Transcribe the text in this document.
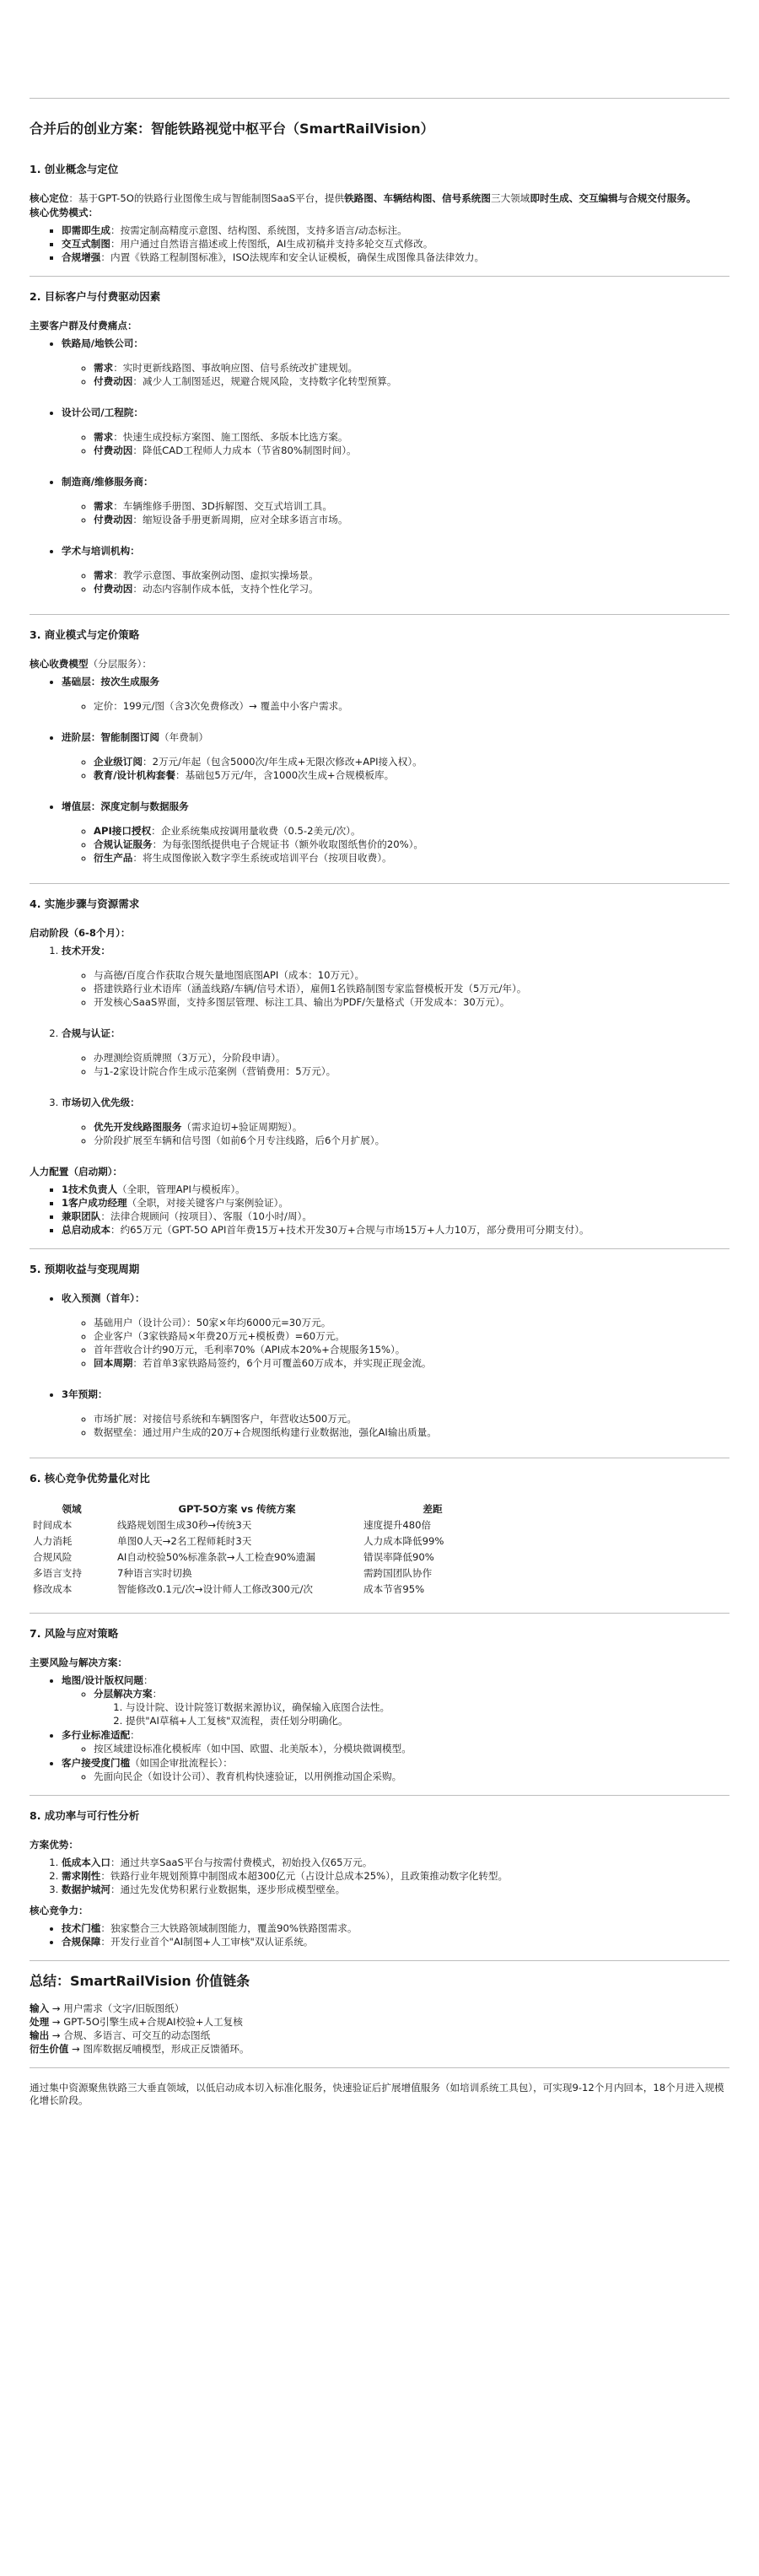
合并后的创业方案：智能铁路视觉中枢平台（SmartRailVision）
1. 创业概念与定位

核心定位：基于GPT-5O的铁路行业图像生成与智能制图SaaS平台，提供铁路图、车辆结构图、信号系统图三大领域即时生成、交互编辑与合规交付服务。

核心优势模式：

▪ 即需即生成：按需定制高精度示意图、结构图、系统图，支持多语言/动态标注。
▪ 交互式制图：用户通过自然语言描述或上传图纸，AI生成初稿并支持多轮交互式修改。
▪ 合规增强：内置《铁路工程制图标准》，ISO法规库和安全认证模板，确保生成图像具备法律效力。
2. 目标客户与付费驱动因素

主要客户群及付费痛点：

• 铁路局/地铁公司：
◦ 需求：实时更新线路图、事故响应图、信号系统改扩建规划。
◦ 付费动因：减少人工制图延迟，规避合规风险，支持数字化转型预算。
• 设计公司/工程院：
◦ 需求：快速生成投标方案图、施工图纸、多版本比选方案。
◦ 付费动因：降低CAD工程师人力成本（节省80%制图时间）。
• 制造商/维修服务商：
◦ 需求：车辆维修手册图、3D拆解图、交互式培训工具。
◦ 付费动因：缩短设备手册更新周期，应对全球多语言市场。
• 学术与培训机构：
◦ 需求：教学示意图、事故案例动图、虚拟实操场景。
◦ 付费动因：动态内容制作成本低，支持个性化学习。
3. 商业模式与定价策略

核心收费模型（分层服务）：

• 基础层：按次生成服务
◦ 定价：199元/图（含3次免费修改）→ 覆盖中小客户需求。
• 进阶层：智能制图订阅（年费制）
◦ 企业级订阅：2万元/年起（包含5000次/年生成+无限次修改+API接入权）。
◦ 教育/设计机构套餐：基础包5万元/年，含1000次生成+合规模板库。
• 增值层：深度定制与数据服务
◦ API接口授权：企业系统集成按调用量收费（0.5-2美元/次）。
◦ 合规认证服务：为每张图纸提供电子合规证书（额外收取图纸售价的20%）。
◦ 衍生产品：将生成图像嵌入数字孪生系统或培训平台（按项目收费）。
4. 实施步骤与资源需求

启动阶段（6-8个月）：

1. 技术开发：
◦ 与高德/百度合作获取合规矢量地图底图API（成本：10万元）。
◦ 搭建铁路行业术语库（涵盖线路/车辆/信号术语），雇佣1名铁路制图专家监督模板开发（5万元/年）。
◦ 开发核心SaaS界面，支持多图层管理、标注工具、输出为PDF/矢量格式（开发成本：30万元）。
2. 合规与认证：
◦ 办理测绘资质牌照（3万元），分阶段申请）。
◦ 与1-2家设计院合作生成示范案例（营销费用：5万元）。
3. 市场切入优先级：
◦ 优先开发线路图服务（需求迫切+验证周期短）。
◦ 分阶段扩展至车辆和信号图（如前6个月专注线路，后6个月扩展）。

人力配置（启动期）：

▪ 1技术负责人（全职，管理API与模板库）。
▪ 1客户成功经理（全职，对接关键客户与案例验证）。
▪ 兼职团队：法律合规顾问（按项目）、客服（10小时/周）。
▪ 总启动成本：约65万元（GPT-5O API首年费15万+技术开发30万+合规与市场15万+人力10万，部分费用可分期支付）。
5. 预期收益与变现周期
• 收入预测（首年）：
◦ 基础用户（设计公司）：50家×年均6000元=30万元。
◦ 企业客户（3家铁路局×年费20万元+模板费）=60万元。
◦ 首年营收合计约90万元，毛利率70%（API成本20%+合规服务15%）。
◦ 回本周期：若首单3家铁路局签约，6个月可覆盖60万成本，并实现正现金流。
• 3年预期：
◦ 市场扩展：对接信号系统和车辆图客户，年营收达500万元。
◦ 数据壁垒：通过用户生成的20万+合规图纸构建行业数据池，强化AI输出质量。
6. 核心竞争优势量化对比
领域	GPT-5O方案 vs 传统方案	差距
时间成本	线路规划图生成30秒→传统3天	速度提升480倍
人力消耗	单图0人天→2名工程师耗时3天	人力成本降低99%
合规风险	AI自动校验50%标准条款→人工检查90%遗漏	错误率降低90%
多语言支持	7种语言实时切换	需跨国团队协作
修改成本	智能修改0.1元/次→设计师人工修改300元/次	成本节省95%
7. 风险与应对策略

主要风险与解决方案：

• 地图/设计版权问题：
◦ 分层解决方案：
1. 与设计院、设计院签订数据来源协议，确保输入底图合法性。
2. 提供"AI草稿+人工复核"双流程，责任划分明确化。
• 多行业标准适配：
◦ 按区域建设标准化模板库（如中国、欧盟、北美版本），分模块微调模型。
• 客户接受度门槛（如国企审批流程长）：
◦ 先面向民企（如设计公司）、教育机构快速验证，以用例推动国企采购。
8. 成功率与可行性分析

方案优势：

1. 低成本入口：通过共享SaaS平台与按需付费模式，初始投入仅65万元。
2. 需求刚性：铁路行业年规划预算中制图成本超300亿元（占设计总成本25%），且政策推动数字化转型。
3. 数据护城河：通过先发优势积累行业数据集，逐步形成模型壁垒。

核心竞争力：

• 技术门槛：独家整合三大铁路领域制图能力，覆盖90%铁路图需求。
• 合规保障：开发行业首个"AI制图+人工审核"双认证系统。
总结：SmartRailVision 价值链条

输入 → 用户需求（文字/旧版图纸）

处理 → GPT-5O引擎生成+合规AI校验+人工复核

输出 → 合规、多语言、可交互的动态图纸

衍生价值 → 图库数据反哺模型，形成正反馈循环。

通过集中资源聚焦铁路三大垂直领域，以低启动成本切入标准化服务，快速验证后扩展增值服务（如培训系统工具包），可实现9-12个月内回本，18个月进入规模化增长阶段。
